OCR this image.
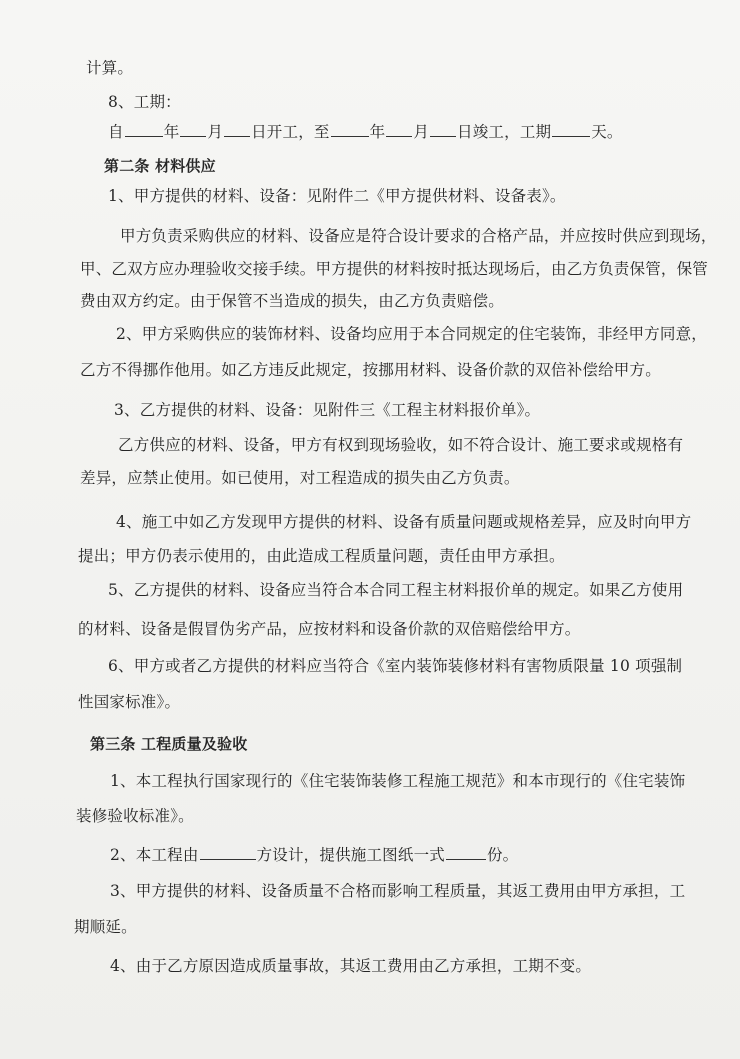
计算。
8、工期：
自	年 月 日开工，至	年 月 日竣工，工期	天。
第二条 材料供应
1、甲方提供的材料、设备：见附件二《甲方提供材料、设备表》。
甲方负责采购供应的材料、设备应是符合设计要求的合格产品，并应按时供应到现场，
甲、乙双方应办理验收交接手续。甲方提供的材料按时抵达现场后，由乙方负责保管，保管
费由双方约定。由于保管不当造成的损失，由乙方负责赔偿。
2、甲方采购供应的装饰材料、设备均应用于本合同规定的住宅装饰，非经甲方同意，
乙方不得挪作他用。如乙方违反此规定，按挪用材料、设备价款的双倍补偿给甲方。
3、乙方提供的材料、设备：见附件三《工程主材料报价单》。
乙方供应的材料、设备，甲方有权到现场验收，如不符合设计、施工要求或规格有
差异，应禁止使用。如已使用，对工程造成的损失由乙方负责。
4、施工中如乙方发现甲方提供的材料、设备有质量问题或规格差异，应及时向甲方
提出；甲方仍表示使用的，由此造成工程质量问题，责任由甲方承担。
5、乙方提供的材料、设备应当符合本合同工程主材料报价单的规定。如果乙方使用
的材料、设备是假冒伪劣产品，应按材料和设备价款的双倍赔偿给甲方。
6、甲方或者乙方提供的材料应当符合《室内装饰装修材料有害物质限量 10 项强制
性国家标准》。
第三条 工程质量及验收
1、本工程执行国家现行的《住宅装饰装修工程施工规范》和本市现行的《住宅装饰
装修验收标准》。
2、本工程由	方设计，提供施工图纸一式	份。
3、甲方提供的材料、设备质量不合格而影响工程质量，其返工费用由甲方承担，工
期顺延。
4、由于乙方原因造成质量事故，其返工费用由乙方承担，工期不变。
